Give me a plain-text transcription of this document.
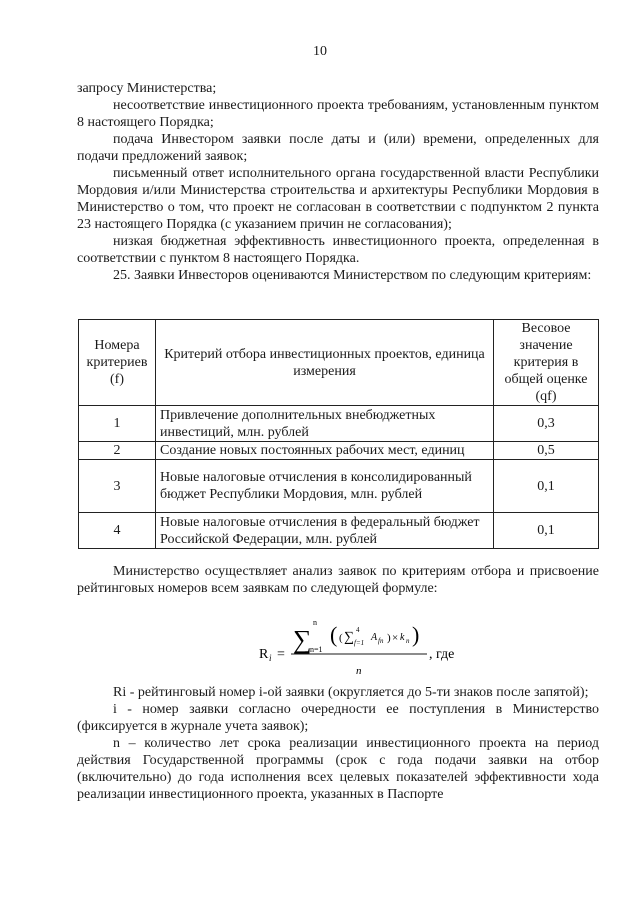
10

запросу Министерства;

несоответствие инвестиционного проекта требованиям, установленным пунктом 8 настоящего Порядка;

подача Инвестором заявки после даты и (или) времени, определенных для подачи предложений заявок;

письменный ответ исполнительного органа государственной власти Республики Мордовия и/или Министерства строительства и архитектуры Республики Мордовия в Министерство о том, что проект не согласован в соответствии с подпунктом 2 пункта 23 настоящего Порядка (с указанием причин не согласования);

низкая бюджетная эффективность инвестиционного проекта, определенная в соответствии с пунктом 8 настоящего Порядка.

25. Заявки Инвесторов оцениваются Министерством по следующим критериям:

Номера критериев (f)	Критерий отбора инвестиционных проектов, единица измерения	Весовое значение критерия в общей оценке (qf)
1	Привлечение дополнительных внебюджетных инвестиций, млн. рублей	0,3
2	Создание новых постоянных рабочих мест, единиц	0,5
3	Новые налоговые отчисления в консолидированный бюджет Республики Мордовия, млн. рублей	0,1
4	Новые налоговые отчисления в федеральный бюджет Российской Федерации, млн. рублей	0,1

Министерство осуществляет анализ заявок по критериям отбора и присвоение рейтинговых номеров всем заявкам по следующей формуле:

R i =
∑
n
n=1
( ( ∑ 4
f=1 A fn ) × k n )
n
, где

Ri - рейтинговый номер i-ой заявки (округляется до 5-ти знаков после запятой);

i - номер заявки согласно очередности ее поступления в Министерство (фиксируется в журнале учета заявок);

n – количество лет срока реализации инвестиционного проекта на период действия Государственной программы (срок с года подачи заявки на отбор (включительно) до года исполнения всех целевых показателей эффективности хода реализации инвестиционного проекта, указанных в Паспорте
